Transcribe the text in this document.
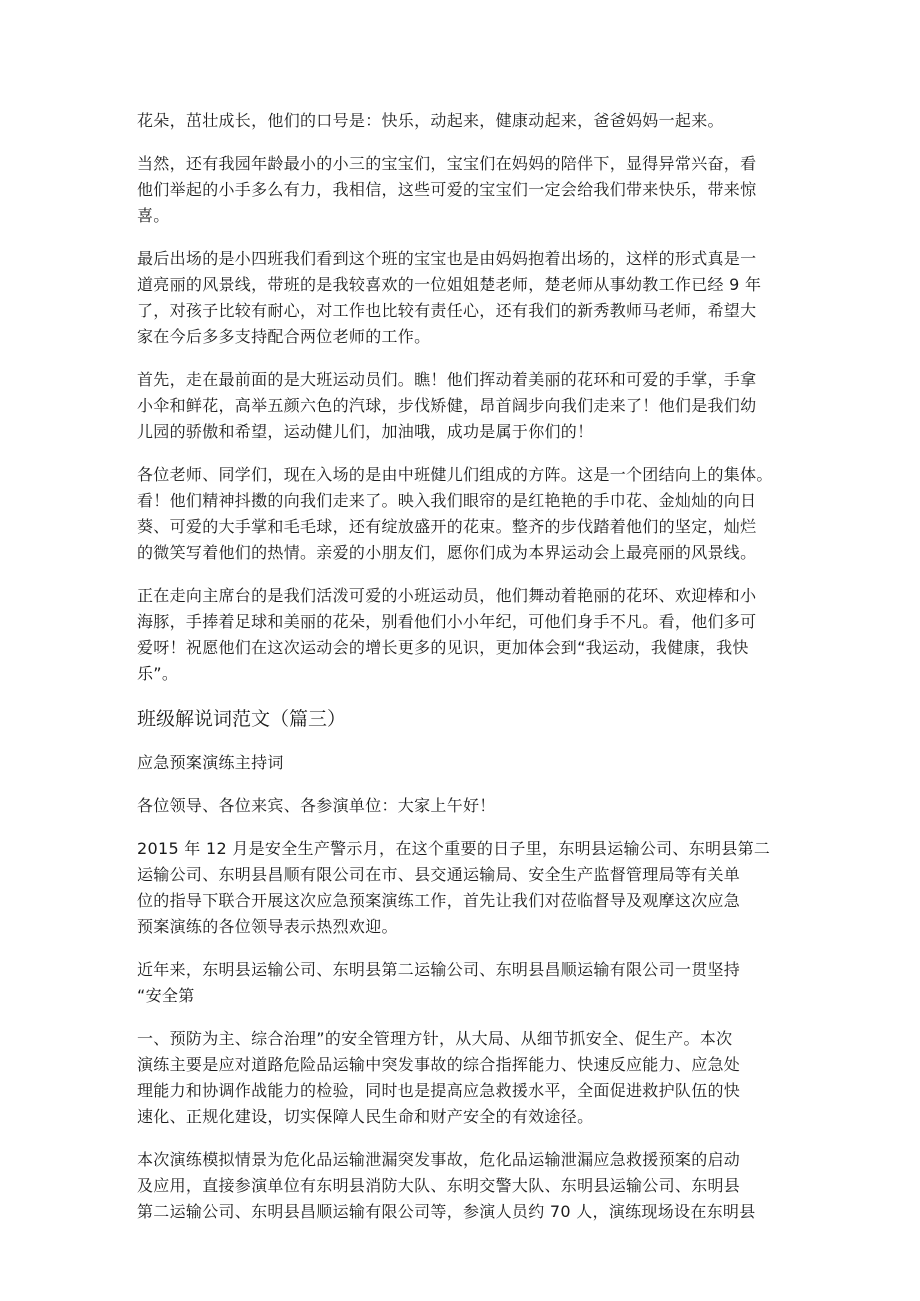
花朵，茁壮成长，他们的口号是：快乐，动起来，健康动起来，爸爸妈妈一起来。

当然，还有我园年龄最小的小三的宝宝们，宝宝们在妈妈的陪伴下，显得异常兴奋，看
他们举起的小手多么有力，我相信，这些可爱的宝宝们一定会给我们带来快乐，带来惊
喜。

最后出场的是小四班我们看到这个班的宝宝也是由妈妈抱着出场的，这样的形式真是一
道亮丽的风景线，带班的是我较喜欢的一位姐姐楚老师，楚老师从事幼教工作已经 9 年
了，对孩子比较有耐心，对工作也比较有责任心，还有我们的新秀教师马老师，希望大
家在今后多多支持配合两位老师的工作。

首先，走在最前面的是大班运动员们。瞧！他们挥动着美丽的花环和可爱的手掌，手拿
小伞和鲜花，高举五颜六色的汽球，步伐矫健，昂首阔步向我们走来了！他们是我们幼
儿园的骄傲和希望，运动健儿们，加油哦，成功是属于你们的！

各位老师、同学们，现在入场的是由中班健儿们组成的方阵。这是一个团结向上的集体。
看！他们精神抖擞的向我们走来了。映入我们眼帘的是红艳艳的手巾花、金灿灿的向日
葵、可爱的大手掌和毛毛球，还有绽放盛开的花束。整齐的步伐踏着他们的坚定，灿烂
的微笑写着他们的热情。亲爱的小朋友们，愿你们成为本界运动会上最亮丽的风景线。

正在走向主席台的是我们活泼可爱的小班运动员，他们舞动着艳丽的花环、欢迎棒和小
海豚，手捧着足球和美丽的花朵，别看他们小小年纪，可他们身手不凡。看，他们多可
爱呀！祝愿他们在这次运动会的增长更多的见识，更加体会到“我运动，我健康，我快
乐”。

班级解说词范文（篇三）

应急预案演练主持词

各位领导、各位来宾、各参演单位：大家上午好！

2015 年 12 月是安全生产警示月，在这个重要的日子里，东明县运输公司、东明县第二
运输公司、东明县昌顺有限公司在市、县交通运输局、安全生产监督管理局等有关单
位的指导下联合开展这次应急预案演练工作，首先让我们对莅临督导及观摩这次应急
预案演练的各位领导表示热烈欢迎。

近年来，东明县运输公司、东明县第二运输公司、东明县昌顺运输有限公司一贯坚持
“安全第

一、预防为主、综合治理”的安全管理方针，从大局、从细节抓安全、促生产。本次
演练主要是应对道路危险品运输中突发事故的综合指挥能力、快速反应能力、应急处
理能力和协调作战能力的检验，同时也是提高应急救援水平，全面促进救护队伍的快
速化、正规化建设，切实保障人民生命和财产安全的有效途径。

本次演练模拟情景为危化品运输泄漏突发事故，危化品运输泄漏应急救援预案的启动
及应用，直接参演单位有东明县消防大队、东明交警大队、东明县运输公司、东明县
第二运输公司、东明县昌顺运输有限公司等，参演人员约 70 人，演练现场设在东明县
